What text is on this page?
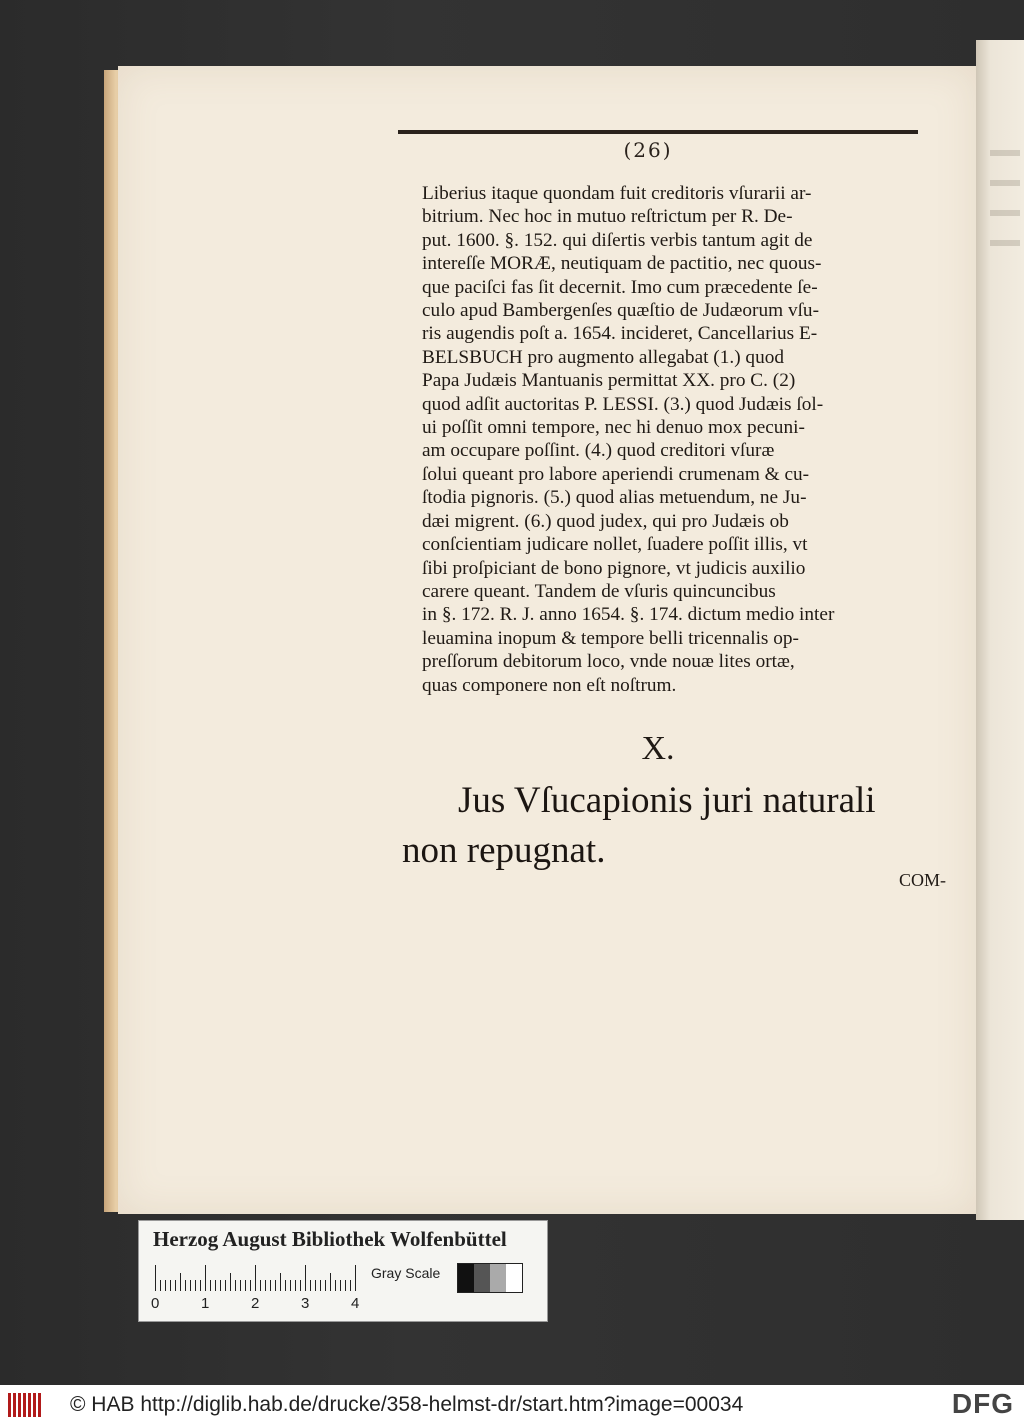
(26)

Liberius itaque quondam fuit creditoris vſurarii ar-

bitrium. Nec hoc in mutuo reſtrictum per R. De-

put. 1600. §. 152. qui diſertis verbis tantum agit de

intereſſe MORÆ, neutiquam de pactitio, nec quous-

que paciſci fas ſit decernit. Imo cum præcedente ſe-

culo apud Bambergenſes quæſtio de Judæorum vſu-

ris augendis poſt a. 1654. incideret, Cancellarius E-

BELSBUCH pro augmento allegabat (1.) quod

Papa Judæis Mantuanis permittat XX. pro C. (2)

quod adſit auctoritas P. LESSI. (3.) quod Judæis ſol-

ui poſſit omni tempore, nec hi denuo mox pecuni-

am occupare poſſint. (4.) quod creditori vſuræ

ſolui queant pro labore aperiendi crumenam & cu-

ſtodia pignoris. (5.) quod alias metuendum, ne Ju-

dæi migrent. (6.) quod judex, qui pro Judæis ob

conſcientiam judicare nollet, ſuadere poſſit illis, vt

ſibi proſpiciant de bono pignore, vt judicis auxilio

carere queant. Tandem de vſuris quincuncibus

in §. 172. R. J. anno 1654. §. 174. dictum medio inter

leuamina inopum & tempore belli tricennalis op-

preſſorum debitorum loco, vnde nouæ lites ortæ,

quas componere non eſt noſtrum.

X.
Jus Vſucapionis juri naturali non repugnat.
COM-
Herzog August Bibliothek Wolfenbüttel
Gray Scale
0	1	2	3	4
© HAB http://diglib.hab.de/drucke/358-helmst-dr/start.htm?image=00034	DFG
